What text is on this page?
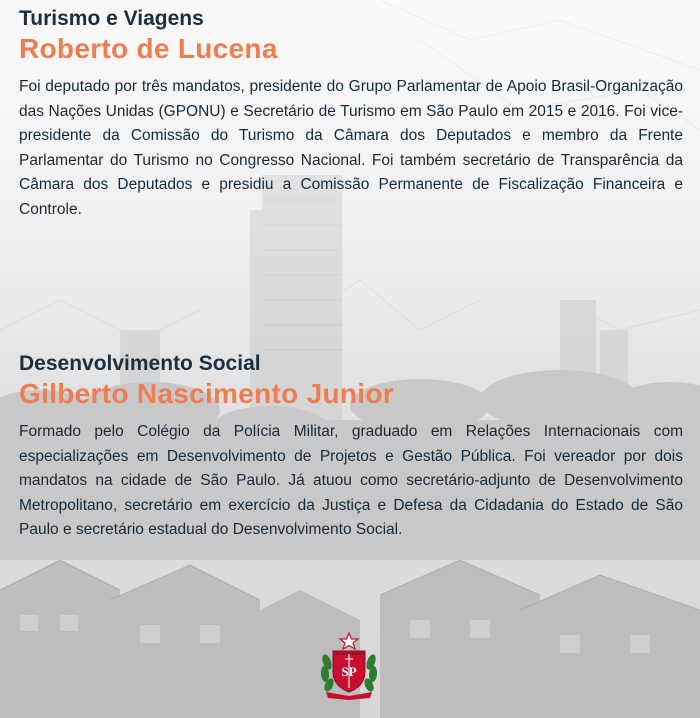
Turismo e Viagens
Roberto de Lucena

Foi deputado por três mandatos, presidente do Grupo Parlamentar de Apoio Brasil-Organização das Nações Unidas (GPONU) e Secretário de Turismo em São Paulo em 2015 e 2016. Foi vice-presidente da Comissão do Turismo da Câmara dos Deputados e membro da Frente Parlamentar do Turismo no Congresso Nacional. Foi também secretário de Transparência da Câmara dos Deputados e presidiu a Comissão Permanente de Fiscalização Financeira e Controle.

Desenvolvimento Social
Gilberto Nascimento Junior

Formado pelo Colégio da Polícia Militar, graduado em Relações Internacionais com especializações em Desenvolvimento de Projetos e Gestão Pública. Foi vereador por dois mandatos na cidade de São Paulo. Já atuou como secretário-adjunto de Desenvolvimento Metropolitano, secretário em exercício da Justiça e Defesa da Cidadania do Estado de São Paulo e secretário estadual do Desenvolvimento Social.

SP
